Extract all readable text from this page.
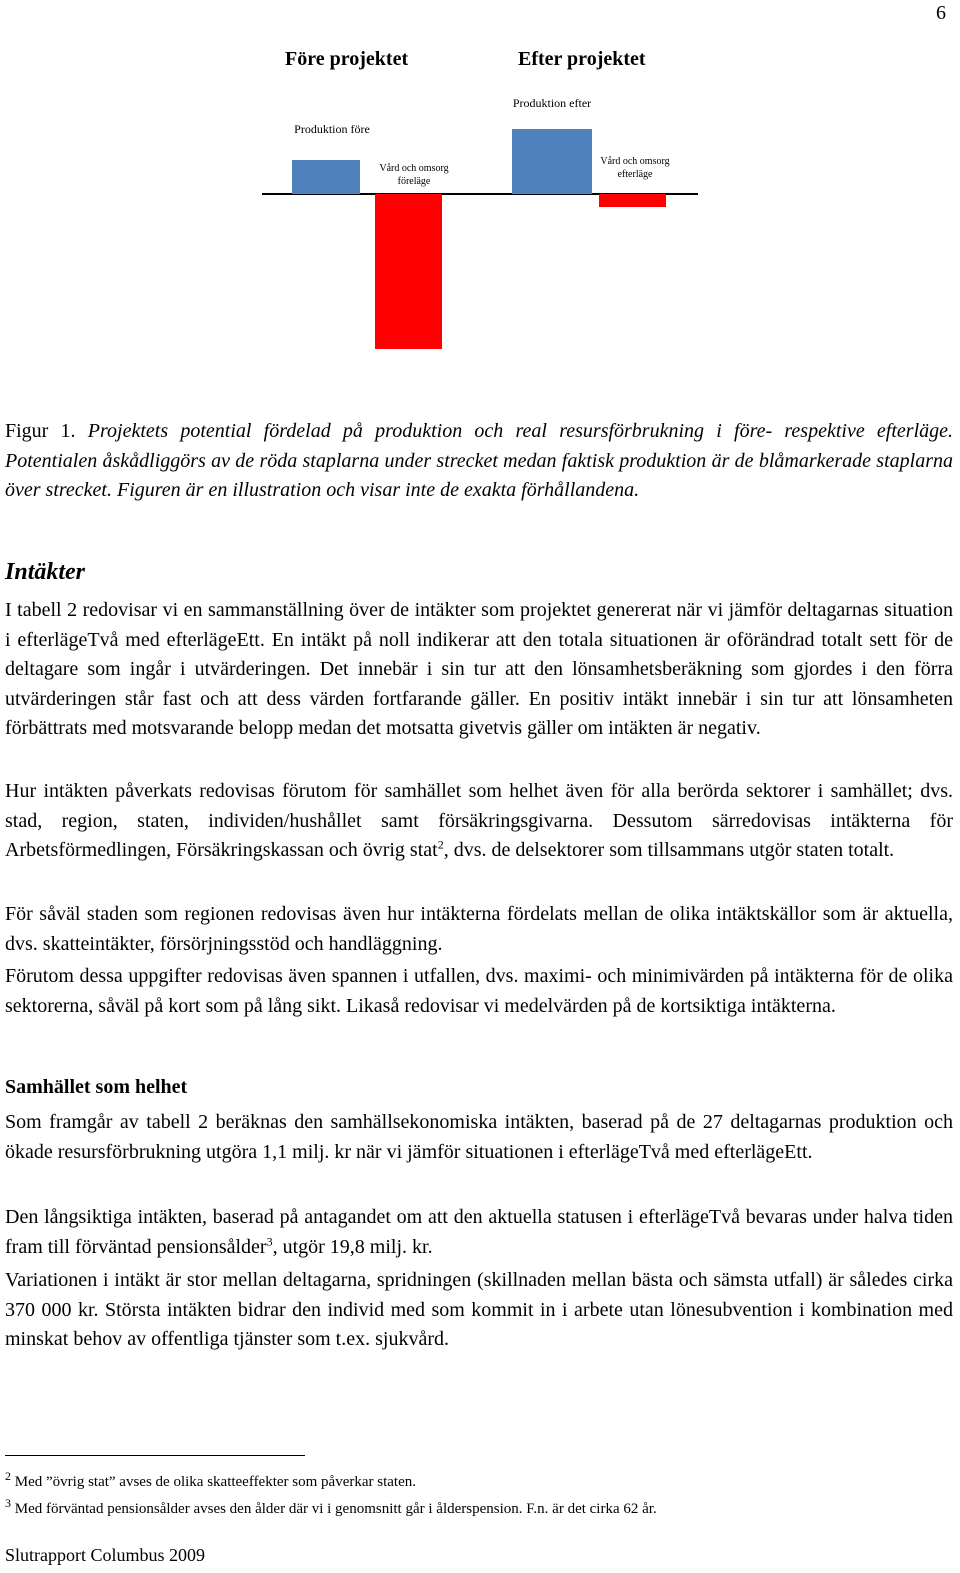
6
Före projektet	Efter projektet
Produktion före
Vård och omsorg föreläge
Produktion efter
Vård och omsorg efterläge
Figur 1. Projektets potential fördelad på produktion och real resursförbrukning i före- respektive efterläge. Potentialen åskådliggörs av de röda staplarna under strecket medan faktisk produktion är de blåmarkerade staplarna över strecket. Figuren är en illustration och visar inte de exakta förhållandena.
Intäkter
I tabell 2 redovisar vi en sammanställning över de intäkter som projektet genererat när vi jämför deltagarnas situation i efterlägeTvå med efterlägeEtt. En intäkt på noll indikerar att den totala situationen är oförändrad totalt sett för de deltagare som ingår i utvärderingen. Det innebär i sin tur att den lönsamhetsberäkning som gjordes i den förra utvärderingen står fast och att dess värden fortfarande gäller. En positiv intäkt innebär i sin tur att lönsamheten förbättrats med motsvarande belopp medan det motsatta givetvis gäller om intäkten är negativ.
Hur intäkten påverkats redovisas förutom för samhället som helhet även för alla berörda sektorer i samhället; dvs. stad, region, staten, individen/hushållet samt försäkringsgivarna. Dessutom särredovisas intäkterna för Arbetsförmedlingen, Försäkringskassan och övrig stat$^2$, dvs. de delsektorer som tillsammans utgör staten totalt.
För såväl staden som regionen redovisas även hur intäkterna fördelats mellan de olika intäktskällor som är aktuella, dvs. skatteintäkter, försörjningsstöd och handläggning.
Förutom dessa uppgifter redovisas även spannen i utfallen, dvs. maximi- och minimivärden på intäkterna för de olika sektorerna, såväl på kort som på lång sikt. Likaså redovisar vi medelvärden på de kortsiktiga intäkterna.
Samhället som helhet
Som framgår av tabell 2 beräknas den samhällsekonomiska intäkten, baserad på de 27 deltagarnas produktion och ökade resursförbrukning utgöra 1,1 milj. kr när vi jämför situationen i efterlägeTvå med efterlägeEtt.
Den långsiktiga intäkten, baserad på antagandet om att den aktuella statusen i efterlägeTvå bevaras under halva tiden fram till förväntad pensionsålder$^3$, utgör 19,8 milj. kr.
Variationen i intäkt är stor mellan deltagarna, spridningen (skillnaden mellan bästa och sämsta utfall) är således cirka 370 000 kr. Största intäkten bidrar den individ med som kommit in i arbete utan lönesubvention i kombination med minskat behov av offentliga tjänster som t.ex. sjukvård.
$^2$ Med ”övrig stat” avses de olika skatteeffekter som påverkar staten.
$^3$ Med förväntad pensionsålder avses den ålder där vi i genomsnitt går i ålderspension. F.n. är det cirka 62 år.
Slutrapport Columbus 2009
